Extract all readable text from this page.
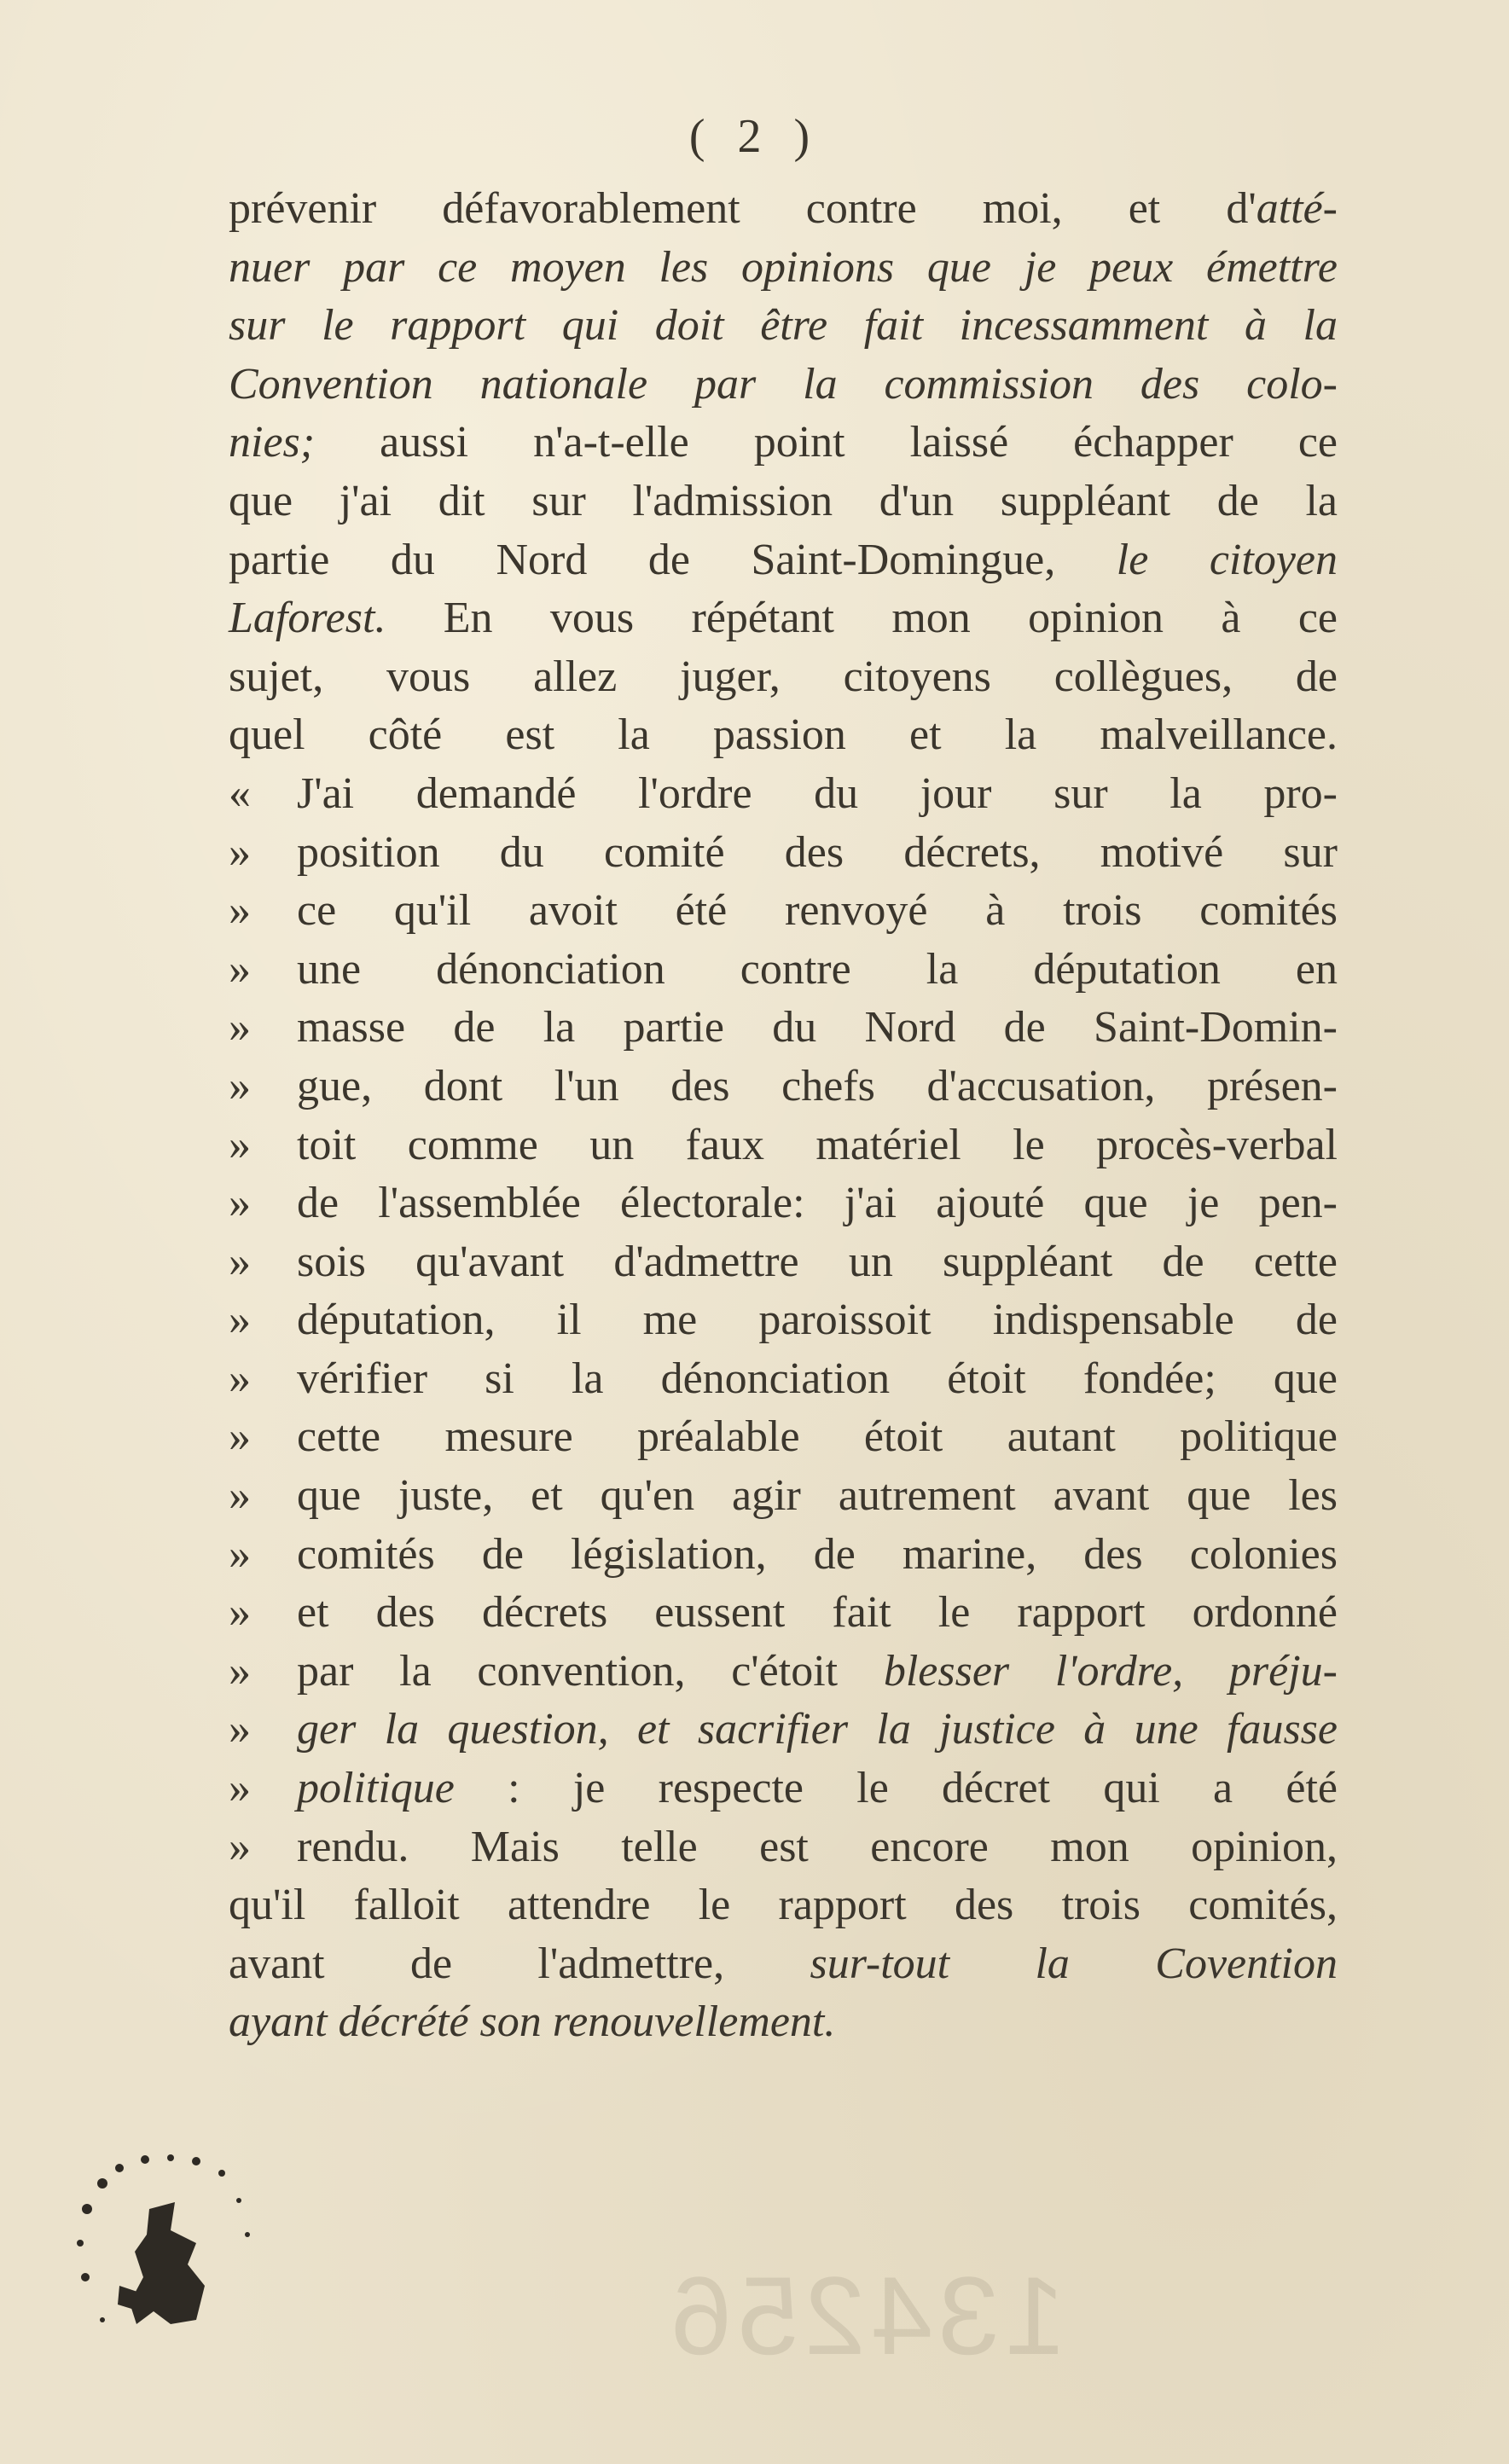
( 2 )
prévenir défavorablement contre moi, et d'atté-
nuer par ce moyen les opinions que je peux émettre
sur le rapport qui doit être fait incessamment à la
Convention nationale par la commission des colo-
nies; aussi n'a-t-elle point laissé échapper ce
que j'ai dit sur l'admission d'un suppléant de la
partie du Nord de Saint-Domingue, le citoyen
Laforest. En vous répétant mon opinion à ce
sujet, vous allez juger, citoyens collègues, de
quel côté est la passion et la malveillance.
«	J'ai demandé l'ordre du jour sur la pro-
»	position du comité des décrets, motivé sur
»	ce qu'il avoit été renvoyé à trois comités
»	une dénonciation contre la députation en
»	masse de la partie du Nord de Saint-Domin-
»	gue, dont l'un des chefs d'accusation, présen-
»	toit comme un faux matériel le procès-verbal
»	de l'assemblée électorale: j'ai ajouté que je pen-
»	sois qu'avant d'admettre un suppléant de cette
»	députation, il me paroissoit indispensable de
»	vérifier si la dénonciation étoit fondée; que
»	cette mesure préalable étoit autant politique
»	que juste, et qu'en agir autrement avant que les
»	comités de législation, de marine, des colonies
»	et des décrets eussent fait le rapport ordonné
»	par la convention, c'étoit blesser l'ordre, préju-
»	ger la question, et sacrifier la justice à une fausse
»	politique : je respecte le décret qui a été
»	rendu. Mais telle est encore mon opinion,
qu'il falloit attendre le rapport des trois comités,
avant de l'admettre, sur-tout la Covention
ayant décrété son renouvellement.
134256
